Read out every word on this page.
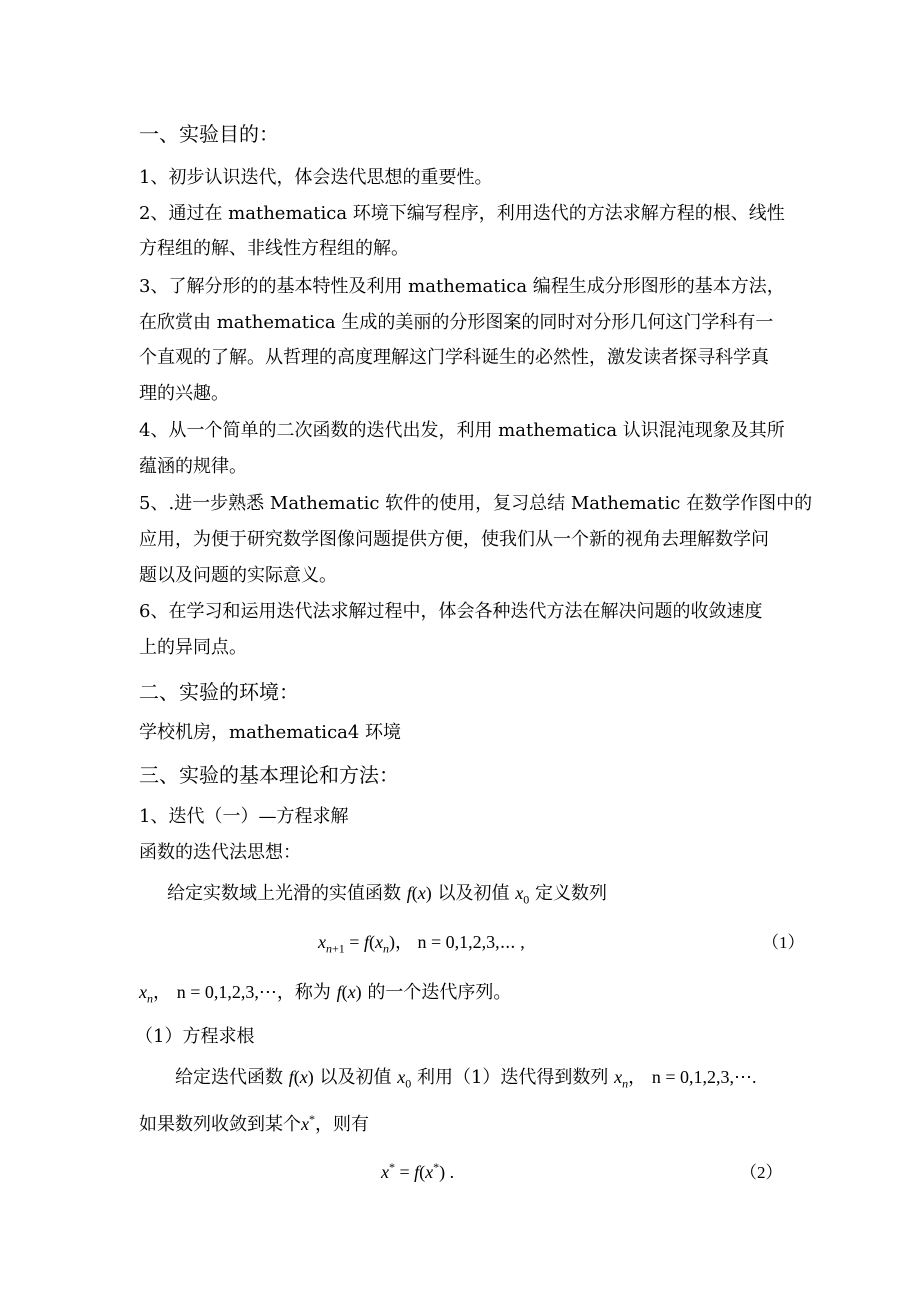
一、实验目的：
1、初步认识迭代，体会迭代思想的重要性。
2、通过在 mathematica 环境下编写程序，利用迭代的方法求解方程的根、线性
方程组的解、非线性方程组的解。
3、了解分形的的基本特性及利用 mathematica 编程生成分形图形的基本方法，
在欣赏由 mathematica 生成的美丽的分形图案的同时对分形几何这门学科有一
个直观的了解。从哲理的高度理解这门学科诞生的必然性，激发读者探寻科学真
理的兴趣。
4、从一个简单的二次函数的迭代出发，利用 mathematica 认识混沌现象及其所
蕴涵的规律。
5、.进一步熟悉 Mathematic 软件的使用，复习总结 Mathematic 在数学作图中的
应用，为便于研究数学图像问题提供方便，使我们从一个新的视角去理解数学问
题以及问题的实际意义。
6、在学习和运用迭代法求解过程中，体会各种迭代方法在解决问题的收敛速度
上的异同点。
二、实验的环境：
学校机房，mathematica4 环境
三、实验的基本理论和方法：
1、迭代（一）—方程求解
函数的迭代法思想：
给定实数域上光滑的实值函数 f(x) 以及初值 $x_0$ 定义数列
$x_{n+1} = f(x_n)$， n = 0,1,2,3,⋯ ,	（1）
$x_n$， n = 0,1,2,3,⋯，称为 f(x) 的一个迭代序列。
（1）方程求根
给定迭代函数 f(x) 以及初值 $x_0$ 利用（1）迭代得到数列 $x_n$， n = 0,1,2,3,⋯.
如果数列收敛到某个x*，则有
x* = f(x*) .	（2）
